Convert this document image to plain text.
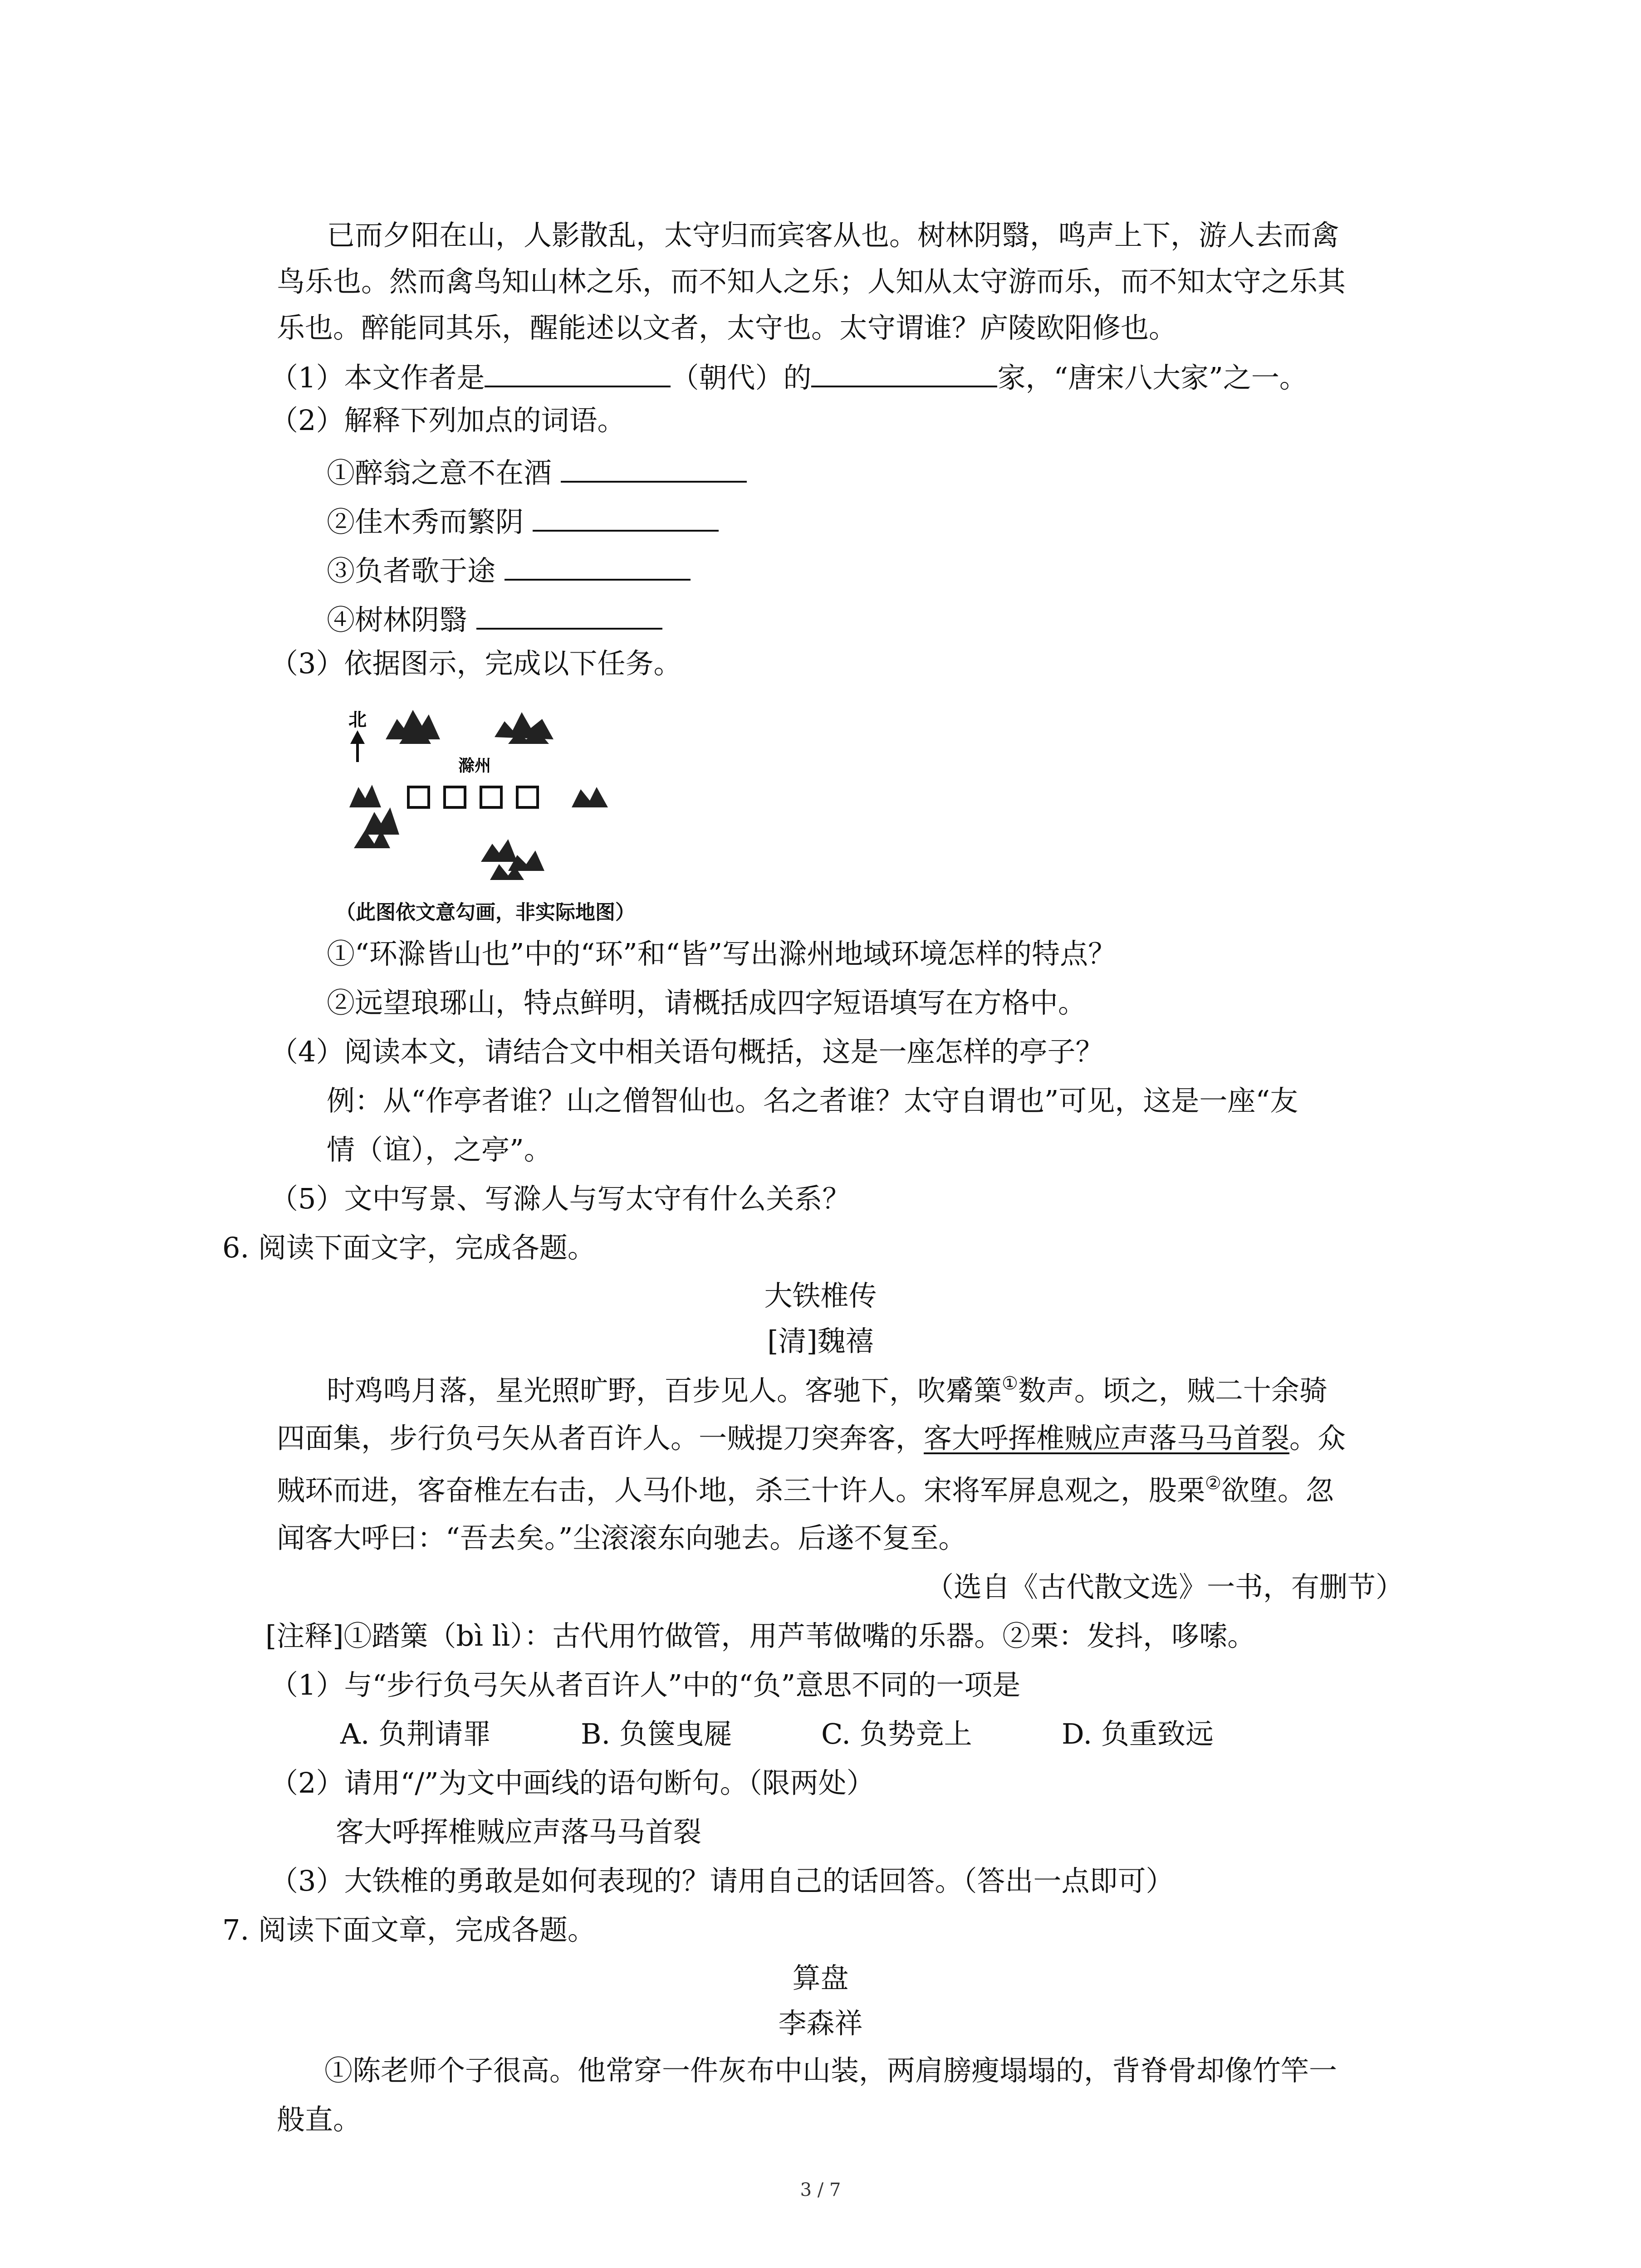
已而夕阳在山，人影散乱，太守归而宾客从也。树林阴翳，鸣声上下，游人去而禽
鸟乐也。然而禽鸟知山林之乐，而不知人之乐；人知从太守游而乐，而不知太守之乐其
乐也。醉能同其乐，醒能述以文者，太守也。太守谓谁？庐陵欧阳修也。
（1）本文作者是	（朝代）的	家，“唐宋八大家”之一。
（2）解释下列加点的词语。
①醉翁之意不在酒
②佳木秀而繁阴
③负者歌于途
④树林阴翳
（3）依据图示，完成以下任务。
北
滁州
（此图依文意勾画，非实际地图）
①“环滁皆山也”中的“环”和“皆”写出滁州地域环境怎样的特点？
②远望琅琊山，特点鲜明，请概括成四字短语填写在方格中。
（4）阅读本文，请结合文中相关语句概括，这是一座怎样的亭子？
例：从“作亭者谁？山之僧智仙也。名之者谁？太守自谓也”可见，这是一座“友
情（谊），之亭”。
（5）文中写景、写滁人与写太守有什么关系？
6. 阅读下面文字，完成各题。
大铁椎传
[清]魏禧
时鸡鸣月落，星光照旷野，百步见人。客驰下，吹觱篥①数声。顷之，贼二十余骑
四面集，步行负弓矢从者百许人。一贼提刀突奔客，客大呼挥椎贼应声落马马首裂。众
贼环而进，客奋椎左右击，人马仆地，杀三十许人。宋将军屏息观之，股栗②欲堕。忽
闻客大呼曰：“吾去矣。”尘滚滚东向驰去。后遂不复至。
（选自《古代散文选》一书，有删节）
[注释]①踏篥（bì lì）：古代用竹做管，用芦苇做嘴的乐器。②栗：发抖，哆嗦。
（1）与“步行负弓矢从者百许人”中的“负”意思不同的一项是
A. 负荆请罪	B. 负箧曳屣	C. 负势竞上	D. 负重致远
（2）请用“/”为文中画线的语句断句。（限两处）
客大呼挥椎贼应声落马马首裂
（3）大铁椎的勇敢是如何表现的？请用自己的话回答。（答出一点即可）
7. 阅读下面文章，完成各题。
算盘
李森祥
①陈老师个子很高。他常穿一件灰布中山装，两肩膀瘦塌塌的，背脊骨却像竹竿一
般直。
3 / 7
